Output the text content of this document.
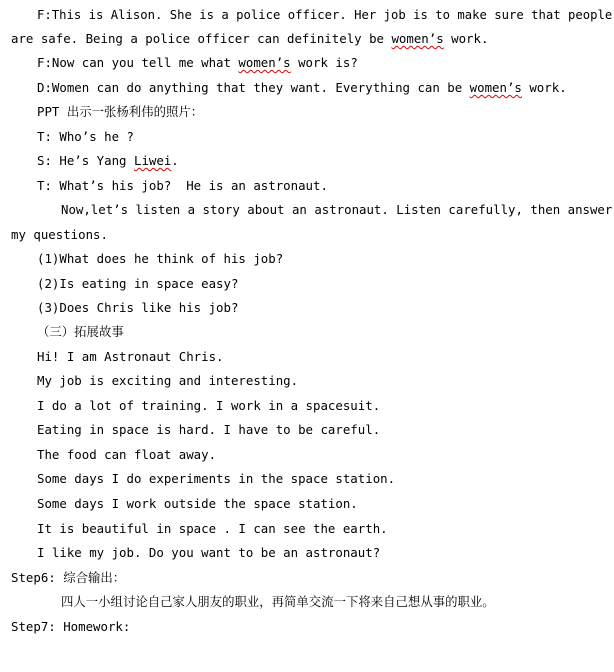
F:This is Alison. She is a police officer. Her job is to make sure that people
are safe. Being a police officer can definitely be women’s work.
F:Now can you tell me what women’s work is?
D:Women can do anything that they want. Everything can be women’s work.
PPT 出示一张杨利伟的照片：
T: Who’s he ?
S: He’s Yang Liwei.
T: What’s his job?  He is an astronaut.
Now,let’s listen a story about an astronaut. Listen carefully, then answer
my questions.
(1)What does he think of his job?
(2)Is eating in space easy?
(3)Does Chris like his job?
（三）拓展故事
Hi! I am Astronaut Chris.
My job is exciting and interesting.
I do a lot of training. I work in a spacesuit.
Eating in space is hard. I have to be careful.
The food can float away.
Some days I do experiments in the space station.
Some days I work outside the space station.
It is beautiful in space . I can see the earth.
I like my job. Do you want to be an astronaut?
Step6: 综合输出：
四人一小组讨论自己家人朋友的职业，再简单交流一下将来自己想从事的职业。
Step7: Homework:
